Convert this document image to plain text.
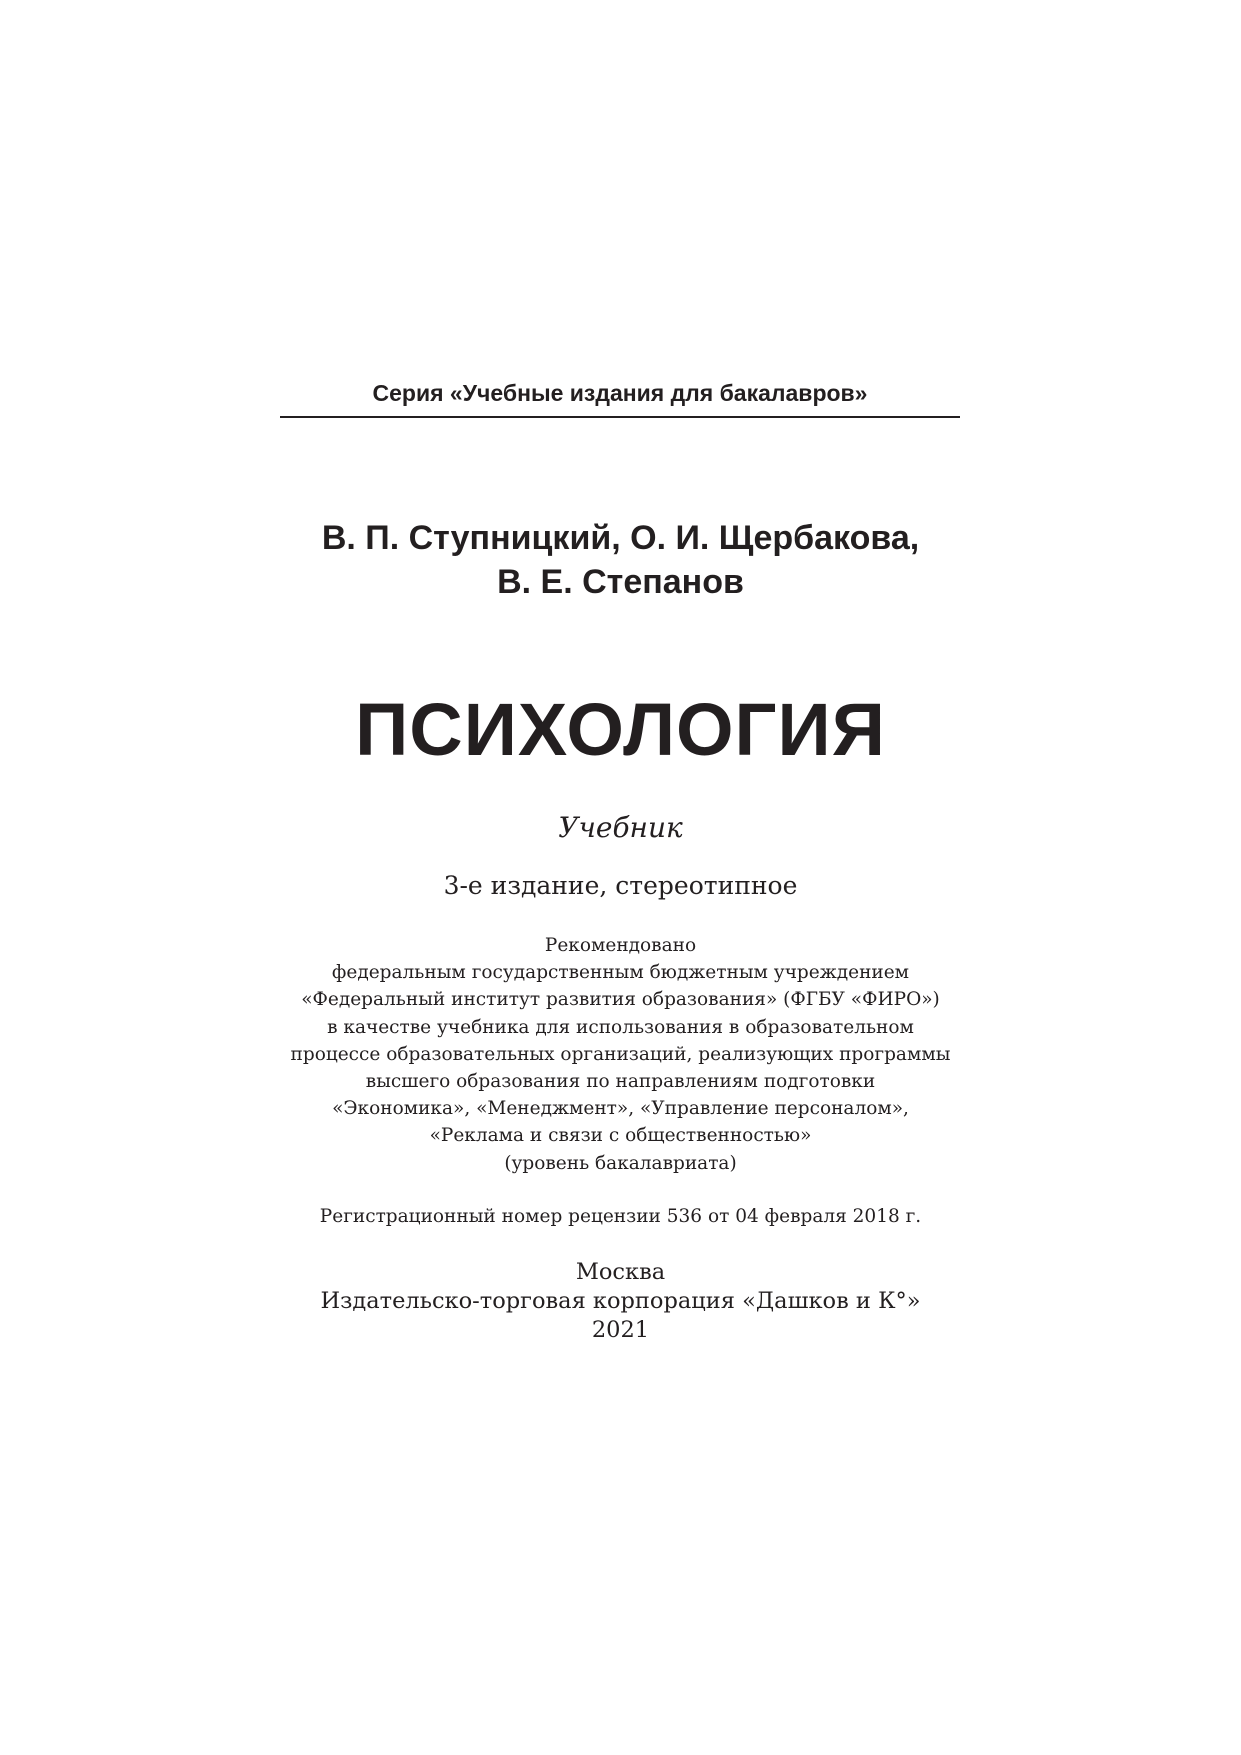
Серия «Учебные издания для бакалавров»
В. П. Ступницкий, О. И. Щербакова,
В. Е. Степанов
ПСИХОЛОГИЯ
Учебник
3-е издание, стереотипное
Рекомендовано
федеральным государственным бюджетным учреждением
«Федеральный институт развития образования» (ФГБУ «ФИРО»)
в качестве учебника для использования в образовательном
процессе образовательных организаций, реализующих программы
высшего образования по направлениям подготовки
«Экономика», «Менеджмент», «Управление персоналом»,
«Реклама и связи с общественностью»
(уровень бакалавриата)
Регистрационный номер рецензии 536 от 04 февраля 2018 г.
Москва
Издательско-торговая корпорация «Дашков и К°»
2021
